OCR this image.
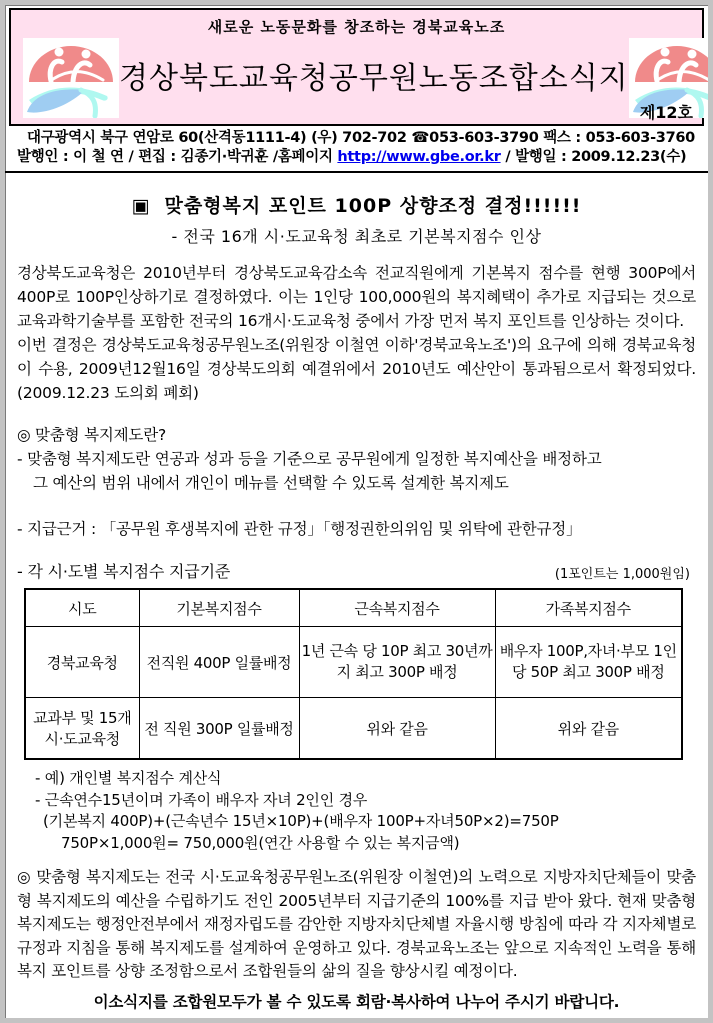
새로운 노동문화를 창조하는 경북교육노조
경상북도교육청공무원노동조합소식지
제12호
대구광역시 북구 연암로 60(산격동1111-4) (우) 702-702 ☎053-603-3790 팩스 : 053-603-3760
발행인 : 이 철 연 / 편집 : 김종기·박귀훈 /홈페이지 http://www.gbe.or.kr / 발행일 : 2009.12.23(수)
▣ 맞춤형복지 포인트 100P 상향조정 결정!!!!!!
- 전국 16개 시·도교육청 최초로 기본복지점수 인상

경상북도교육청은 2010년부터 경상북도교육감소속 전교직원에게 기본복지 점수를 현행 300P에서 400P로 100P인상하기로 결정하였다. 이는 1인당 100,000원의 복지혜택이 추가로 지급되는 것으로 교육과학기술부를 포함한 전국의 16개시·도교육청 중에서 가장 먼저 복지 포인트를 인상하는 것이다.

이번 결정은 경상북도교육청공무원노조(위원장 이철연 이하'경북교육노조')의 요구에 의해 경북교육청이 수용, 2009년12월16일 경상북도의회 예결위에서 2010년도 예산안이 통과됨으로서 확정되었다.(2009.12.23 도의회 폐회)

◎ 맞춤형 복지제도란?
- 맞춤형 복지제도란 연공과 성과 등을 기준으로 공무원에게 일정한 복지예산을 배정하고
그 예산의 범위 내에서 개인이 메뉴를 선택할 수 있도록 설계한 복지제도
- 지급근거 : 「공무원 후생복지에 관한 규정」「행정권한의위임 및 위탁에 관한규정」
- 각 시·도별 복지점수 지급기준	(1포인트는 1,000원임)
시도	기본복지점수	근속복지점수	가족복지점수
경북교육청	전직원 400P 일률배정	1년 근속 당 10P 최고 30년까지 최고 300P 배정	배우자 100P,자녀·부모 1인당 50P 최고 300P 배정
교과부 및 15개 시·도교육청	전 직원 300P 일률배정	위와 같음	위와 같음
- 예) 개인별 복지점수 계산식
- 근속연수15년이며 가족이 배우자 자녀 2인인 경우
(기본복지 400P)+(근속년수 15년×10P)+(배우자 100P+자녀50P×2)=750P
750P×1,000원= 750,000원(연간 사용할 수 있는 복지금액)
◎ 맞춤형 복지제도는 전국 시·도교육청공무원노조(위원장 이철연)의 노력으로 지방자치단체들이 맞춤형 복지제도의 예산을 수립하기도 전인 2005년부터 지급기준의 100%를 지급 받아 왔다. 현재 맞춤형 복지제도는 행정안전부에서 재정자립도를 감안한 지방자치단체별 자율시행 방침에 따라 각 지자체별로 규정과 지침을 통해 복지제도를 설계하여 운영하고 있다. 경북교육노조는 앞으로 지속적인 노력을 통해 복지 포인트를 상향 조정함으로서 조합원들의 삶의 질을 향상시킬 예정이다.
이소식지를 조합원모두가 볼 수 있도록 회람·복사하여 나누어 주시기 바랍니다.
